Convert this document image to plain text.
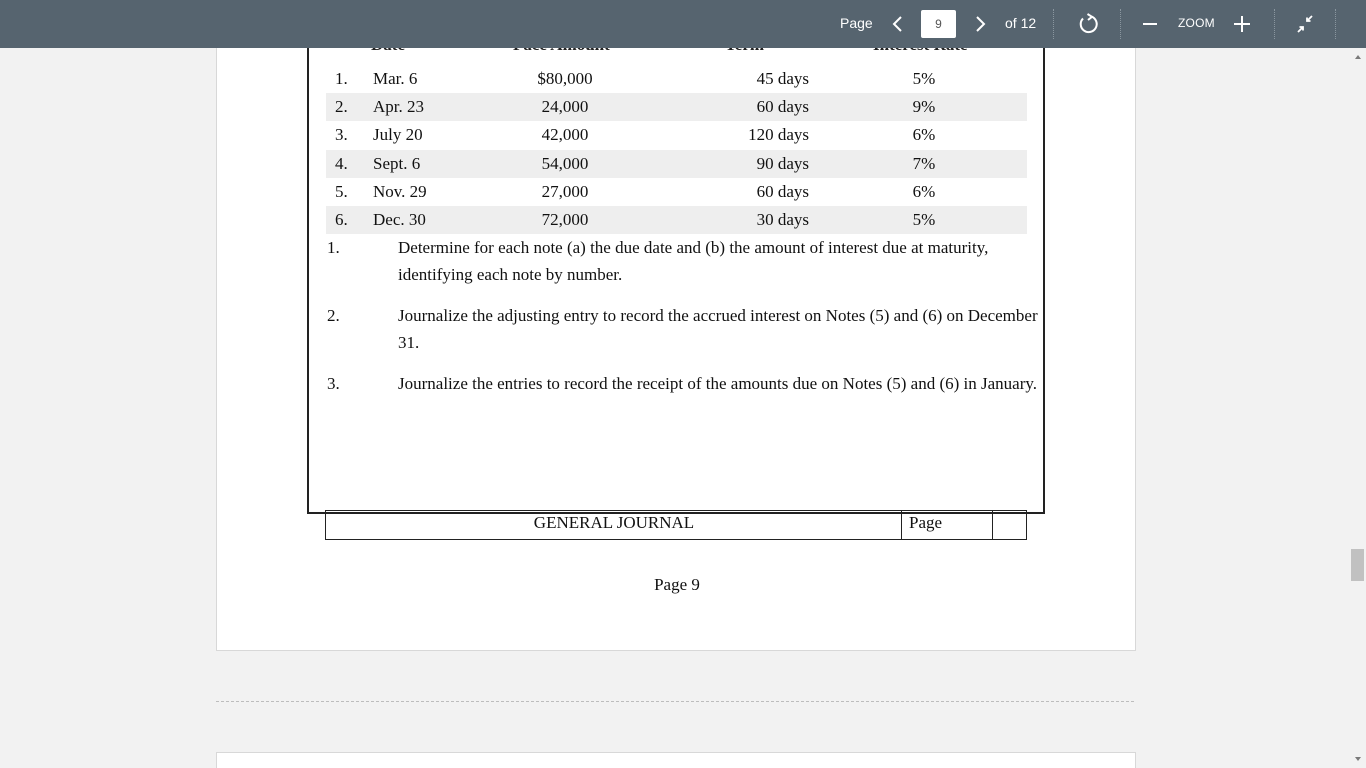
Page
9	of 12	ZOOM
1. Mar. 6	$80,000	45 days	5%
2. Apr. 23	24,000	60 days	9%
3. July 20	42,000	120 days	6%
4. Sept. 6	54,000	90 days	7%
5. Nov. 29	27,000	60 days	6%
6. Dec. 30	72,000	30 days	5%
1.	Determine for each note (a) the due date and (b) the amount of interest due at maturity, identifying each note by number.
2.	Journalize the adjusting entry to record the accrued interest on Notes (5) and (6) on December 31.
3.	Journalize the entries to record the receipt of the amounts due on Notes (5) and (6) in January.
GENERAL JOURNAL	Page
Page 9
